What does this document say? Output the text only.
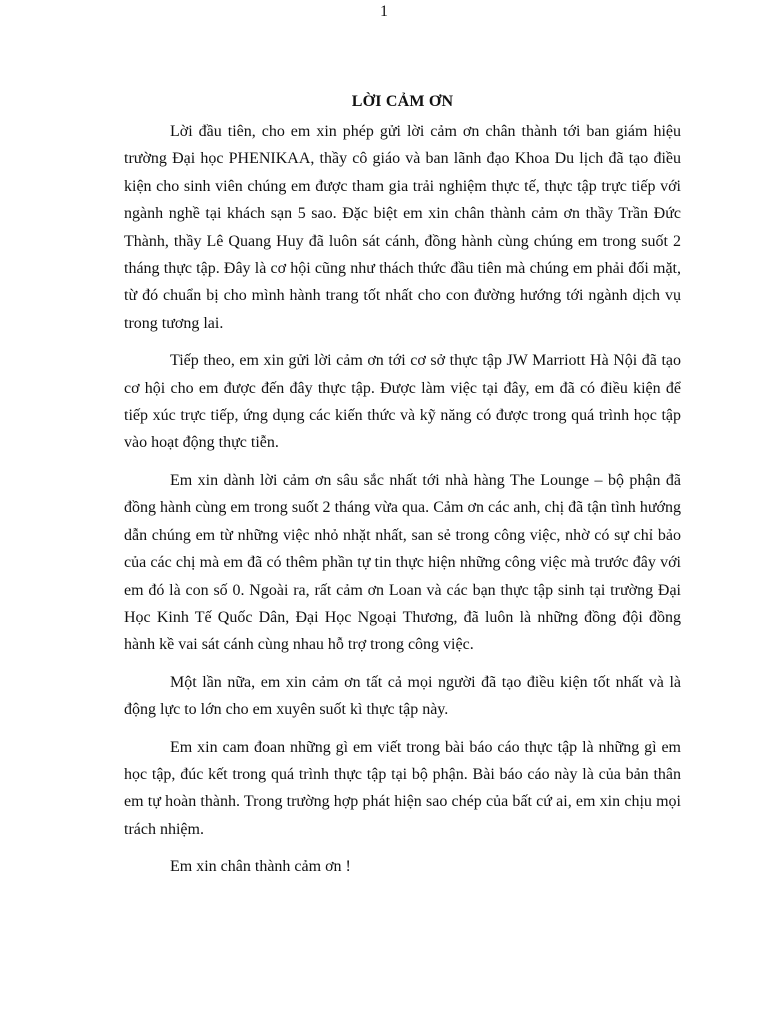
1
LỜI CẢM ƠN

Lời đầu tiên, cho em xin phép gửi lời cảm ơn chân thành tới ban giám hiệu trường Đại học PHENIKAA, thầy cô giáo và ban lãnh đạo Khoa Du lịch đã tạo điều kiện cho sinh viên chúng em được tham gia trải nghiệm thực tế, thực tập trực tiếp với ngành nghề tại khách sạn 5 sao. Đặc biệt em xin chân thành cảm ơn thầy Trần Đức Thành, thầy Lê Quang Huy đã luôn sát cánh, đồng hành cùng chúng em trong suốt 2 tháng thực tập. Đây là cơ hội cũng như thách thức đầu tiên mà chúng em phải đối mặt, từ đó chuẩn bị cho mình hành trang tốt nhất cho con đường hướng tới ngành dịch vụ trong tương lai.

Tiếp theo, em xin gửi lời cảm ơn tới cơ sở thực tập JW Marriott Hà Nội đã tạo cơ hội cho em được đến đây thực tập. Được làm việc tại đây, em đã có điều kiện để tiếp xúc trực tiếp, ứng dụng các kiến thức và kỹ năng có được trong quá trình học tập vào hoạt động thực tiễn.

Em xin dành lời cảm ơn sâu sắc nhất tới nhà hàng The Lounge – bộ phận đã đồng hành cùng em trong suốt 2 tháng vừa qua. Cảm ơn các anh, chị đã tận tình hướng dẫn chúng em từ những việc nhỏ nhặt nhất, san sẻ trong công việc, nhờ có sự chỉ bảo của các chị mà em đã có thêm phần tự tin thực hiện những công việc mà trước đây với em đó là con số 0. Ngoài ra, rất cảm ơn Loan và các bạn thực tập sinh tại trường Đại Học Kinh Tế Quốc Dân, Đại Học Ngoại Thương, đã luôn là những đồng đội đồng hành kề vai sát cánh cùng nhau hỗ trợ trong công việc.

Một lần nữa, em xin cảm ơn tất cả mọi người đã tạo điều kiện tốt nhất và là động lực to lớn cho em xuyên suốt kì thực tập này.

Em xin cam đoan những gì em viết trong bài báo cáo thực tập là những gì em học tập, đúc kết trong quá trình thực tập tại bộ phận. Bài báo cáo này là của bản thân em tự hoàn thành. Trong trường hợp phát hiện sao chép của bất cứ ai, em xin chịu mọi trách nhiệm.

Em xin chân thành cảm ơn !
